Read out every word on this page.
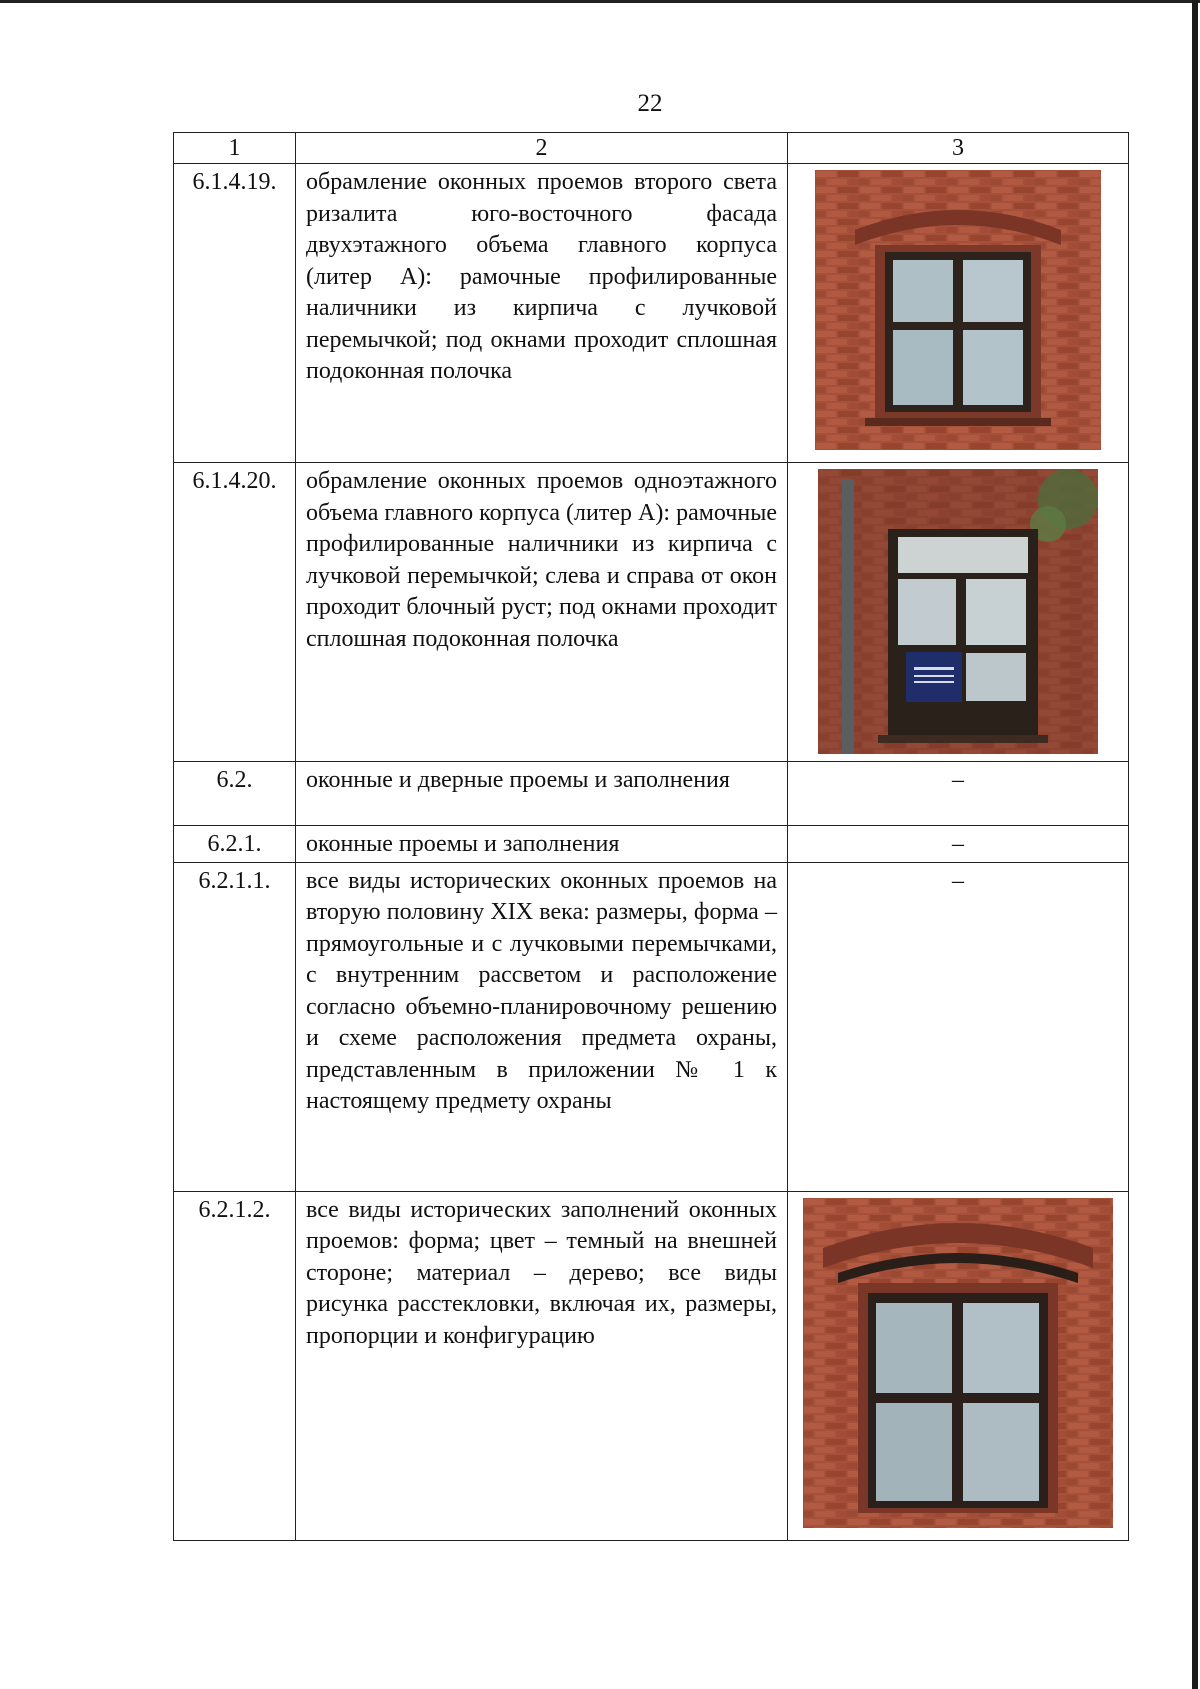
22
1	2	3
6.1.4.19.	обрамление оконных проемов второго света ризалита юго-восточного фасада двухэтажного объема главного корпуса (литер А): рамочные профилированные наличники из кирпича с лучковой перемычкой; под окнами проходит сплошная подоконная полочка	

6.1.4.20.	обрамление оконных проемов одноэтажного объема главного корпуса (литер А): рамочные профилированные наличники из кирпича с лучковой перемычкой; слева и справа от окон проходит блочный руст; под окнами проходит сплошная подоконная полочка	

6.2.	оконные и дверные проемы и заполнения	–
6.2.1.	оконные проемы и заполнения	–
6.2.1.1.	все виды исторических оконных проемов на вторую половину XIX века: размеры, форма – прямоугольные и с лучковыми перемычками, с внутренним рассветом и расположение согласно объемно-планировочному решению и схеме расположения предмета охраны, представленным в приложении № 1 к настоящему предмету охраны	–
6.2.1.2.	все виды исторических заполнений оконных проемов: форма; цвет – темный на внешней стороне; материал – дерево; все виды рисунка расстекловки, включая их, размеры, пропорции и конфигурацию	
